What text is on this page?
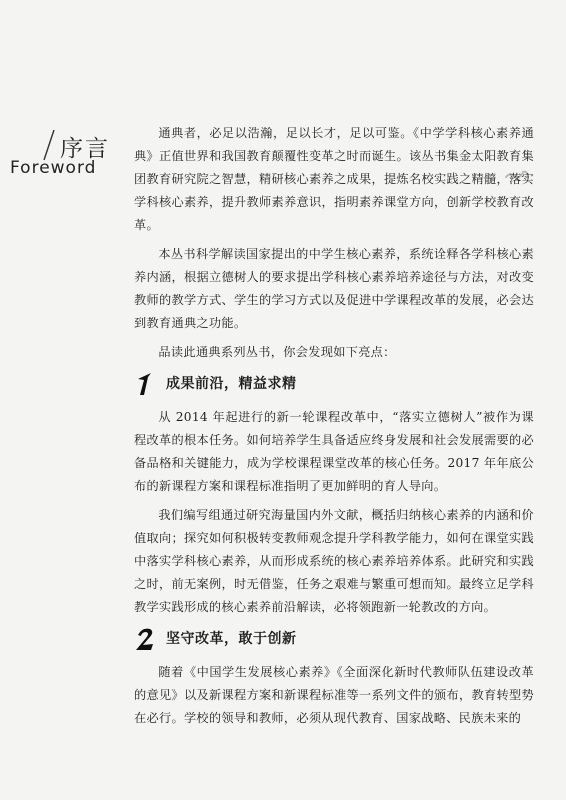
序言
Foreword

通典者，必足以浩瀚，足以长才，足以可鉴。《中学学科核心素养通典》正值世界和我国教育颠覆性变革之时而诞生。该丛书集金太阳教育集团教育研究院之智慧，精研核心素养之成果，提炼名校实践之精髓，落实学科核心素养，提升教师素养意识，指明素养课堂方向，创新学校教育改革。

本丛书科学解读国家提出的中学生核心素养，系统诠释各学科核心素养内涵，根据立德树人的要求提出学科核心素养培养途径与方法，对改变教师的教学方式、学生的学习方式以及促进中学课程改革的发展，必会达到教育通典之功能。

品读此通典系列丛书，你会发现如下亮点：

成果前沿，精益求精

从 2014 年起进行的新一轮课程改革中，“落实立德树人”被作为课程改革的根本任务。如何培养学生具备适应终身发展和社会发展需要的必备品格和关键能力，成为学校课程课堂改革的核心任务。2017 年年底公布的新课程方案和课程标准指明了更加鲜明的育人导向。

我们编写组通过研究海量国内外文献，概括归纳核心素养的内涵和价值取向；探究如何积极转变教师观念提升学科教学能力，如何在课堂实践中落实学科核心素养，从而形成系统的核心素养培养体系。此研究和实践之时，前无案例，时无借鉴，任务之艰难与繁重可想而知。最终立足学科教学实践形成的核心素养前沿解读，必将领跑新一轮教改的方向。

坚守改革，敢于创新

随着《中国学生发展核心素养》《全面深化新时代教师队伍建设改革的意见》以及新课程方案和新课程标准等一系列文件的颁布，教育转型势在必行。学校的领导和教师，必须从现代教育、国家战略、民族未来的
